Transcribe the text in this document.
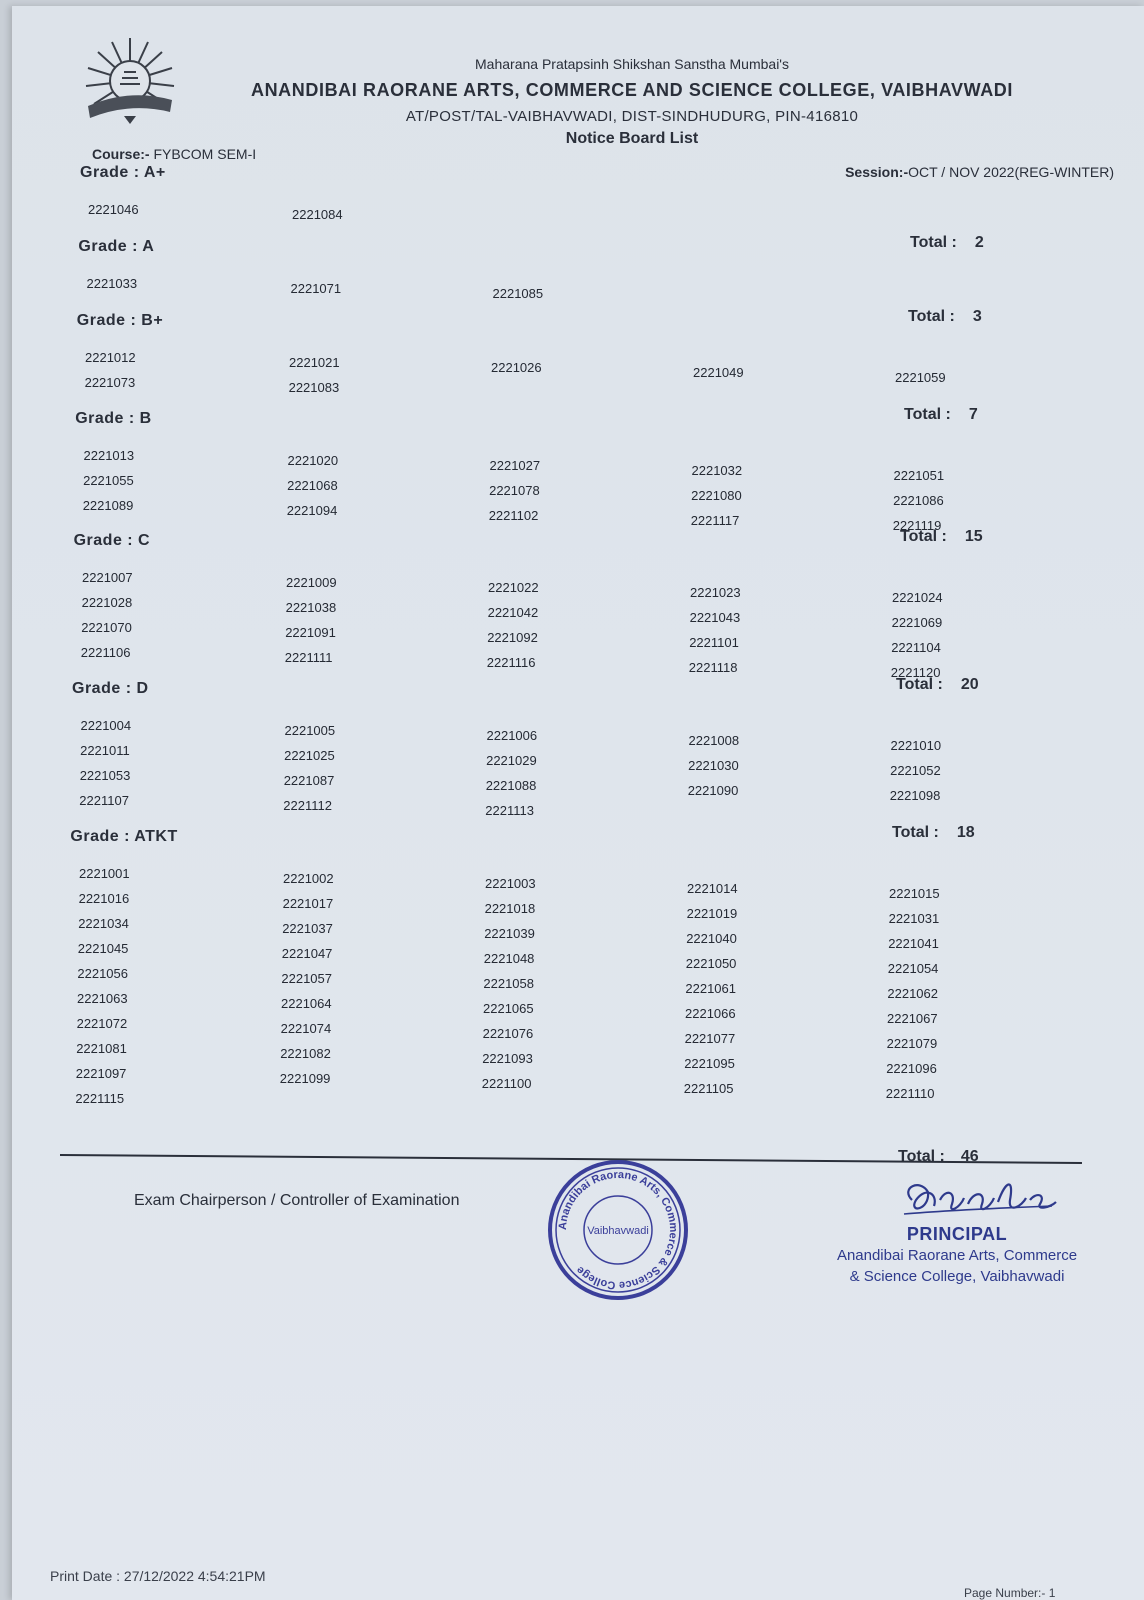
Maharana Pratapsinh Shikshan Sanstha Mumbai's
ANANDIBAI RAORANE ARTS, COMMERCE AND SCIENCE COLLEGE, VAIBHAVWADI
AT/POST/TAL-VAIBHAVWADI, DIST-SINDHUDURG, PIN-416810
Notice Board List
Course:- FYBCOM SEM-I
Session:-OCT / NOV 2022(REG-WINTER)
Grade : A+
2221046	2221084
Grade : A	Total : 2
2221033	2221071	2221085
Grade : B+	Total : 3
2221012	2221021	2221026	2221049	2221059
2221073	2221083
Grade : B	Total : 7
2221013	2221020	2221027	2221032	2221051
2221055	2221068	2221078	2221080	2221086
2221089	2221094	2221102	2221117	2221119
Grade : C	Total : 15
2221007	2221009	2221022	2221023	2221024
2221028	2221038	2221042	2221043	2221069
2221070	2221091	2221092	2221101	2221104
2221106	2221111	2221116	2221118	2221120
Grade : D	Total : 20
2221004	2221005	2221006	2221008	2221010
2221011	2221025	2221029	2221030	2221052
2221053	2221087	2221088	2221090	2221098
2221107	2221112	2221113
Grade : ATKT	Total : 18
2221001	2221002	2221003	2221014	2221015
2221016	2221017	2221018	2221019	2221031
2221034	2221037	2221039	2221040	2221041
2221045	2221047	2221048	2221050	2221054
2221056	2221057	2221058	2221061	2221062
2221063	2221064	2221065	2221066	2221067
2221072	2221074	2221076	2221077	2221079
2221081	2221082	2221093	2221095	2221096
2221097	2221099	2221100	2221105	2221110
2221115
Total : 46
Exam Chairperson / Controller of Examination
Anandibai Raorane Arts, Commerce & Science College
Vaibhavwadi	PRINCIPAL
Anandibai Raorane Arts, Commerce
& Science College, Vaibhavwadi
Print Date : 27/12/2022 4:54:21PM
Page Number:- 1
